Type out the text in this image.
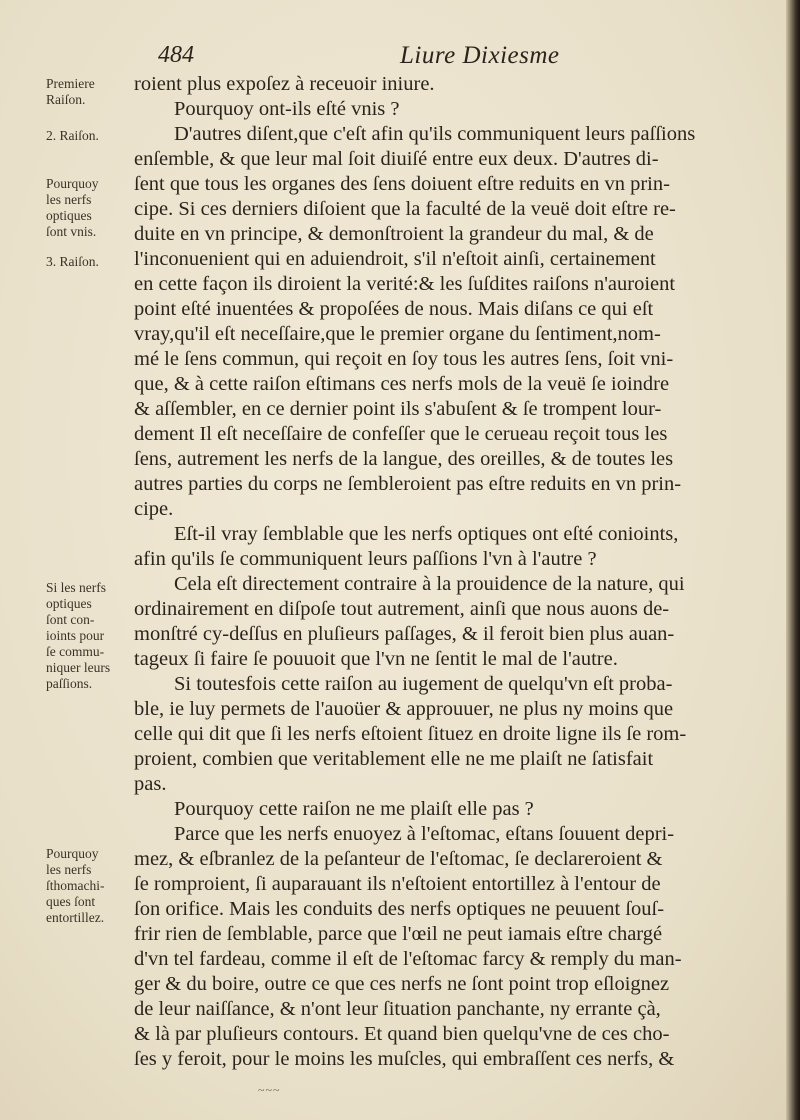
484	Liure Dixiesme
Premiere
Raiſon.
2. Raiſon.
Pourquoy
les nerfs
optiques
ſont vnis.
3. Raiſon.
Si les nerfs
optiques
ſont con-
ioints pour
ſe commu-
niquer leurs
paſſions.
Pourquoy
les nerfs
ſthomachi-
ques ſont
entortillez.
roient plus expoſez à receuoir iniure.
Pourquoy ont-ils eſté vnis ?
D'autres diſent,que c'eſt afin qu'ils communiquent leurs paſſions
enſemble, & que leur mal ſoit diuiſé entre eux deux. D'autres di-
ſent que tous les organes des ſens doiuent eſtre reduits en vn prin-
cipe. Si ces derniers diſoient que la faculté de la veuë doit eſtre re-
duite en vn principe, & demonſtroient la grandeur du mal, & de
l'inconuenient qui en aduiendroit, s'il n'eſtoit ainſi, certainement
en cette façon ils diroient la verité:& les ſuſdites raiſons n'auroient
point eſté inuentées & propoſées de nous. Mais diſans ce qui eſt
vray,qu'il eſt neceſſaire,que le premier organe du ſentiment,nom-
mé le ſens commun, qui reçoit en ſoy tous les autres ſens, ſoit vni-
que, & à cette raiſon eſtimans ces nerfs mols de la veuë ſe ioindre
& aſſembler, en ce dernier point ils s'abuſent & ſe trompent lour-
dement Il eſt neceſſaire de confeſſer que le cerueau reçoit tous les
ſens, autrement les nerfs de la langue, des oreilles, & de toutes les
autres parties du corps ne ſembleroient pas eſtre reduits en vn prin-
cipe.
Eſt-il vray ſemblable que les nerfs optiques ont eſté conioints,
afin qu'ils ſe communiquent leurs paſſions l'vn à l'autre ?
Cela eſt directement contraire à la prouidence de la nature, qui
ordinairement en diſpoſe tout autrement, ainſi que nous auons de-
monſtré cy-deſſus en pluſieurs paſſages, & il feroit bien plus auan-
tageux ſi faire ſe pouuoit que l'vn ne ſentit le mal de l'autre.
Si toutesfois cette raiſon au iugement de quelqu'vn eſt proba-
ble, ie luy permets de l'auoüer & approuuer, ne plus ny moins que
celle qui dit que ſi les nerfs eſtoient ſituez en droite ligne ils ſe rom-
proient, combien que veritablement elle ne me plaiſt ne ſatisfait
pas.
Pourquoy cette raiſon ne me plaiſt elle pas ?
Parce que les nerfs enuoyez à l'eſtomac, eſtans ſouuent depri-
mez, & eſbranlez de la peſanteur de l'eſtomac, ſe declareroient &
ſe romproient, ſi auparauant ils n'eſtoient entortillez à l'entour de
ſon orifice. Mais les conduits des nerfs optiques ne peuuent ſouſ-
frir rien de ſemblable, parce que l'œil ne peut iamais eſtre chargé
d'vn tel fardeau, comme il eſt de l'eſtomac farcy & remply du man-
ger & du boire, outre ce que ces nerfs ne ſont point trop eſloignez
de leur naiſſance, & n'ont leur ſituation panchante, ny errante çà,
& là par pluſieurs contours. Et quand bien quelqu'vne de ces cho-
ſes y feroit, pour le moins les muſcles, qui embraſſent ces nerfs, &
~~~
